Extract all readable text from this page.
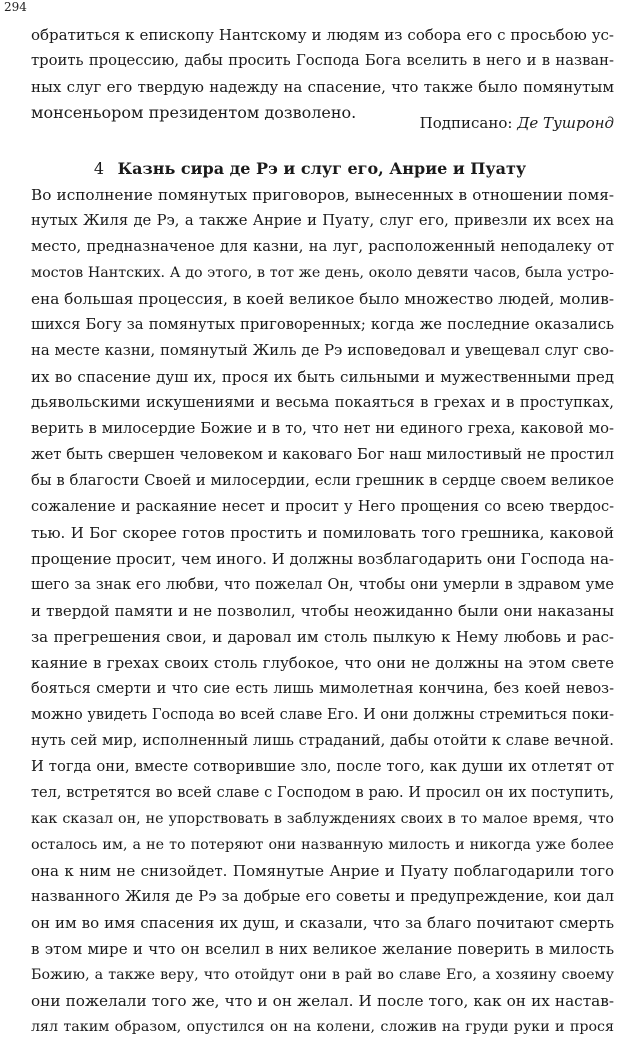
294
обратиться к епископу Нантскому и людям из собора его с просьбою ус-
троить процессию, дабы просить Господа Бога вселить в него и в назван-
ных слуг его твердую надежду на спасение, что также было помянутым
монсеньором президентом дозволено.
Подписано: Де Тушронд
4 Казнь сира де Рэ и слуг его, Анрие и Пуату
Во исполнение помянутых приговоров, вынесенных в отношении помя-
нутых Жиля де Рэ, а также Анрие и Пуату, слуг его, привезли их всех на
место, предназначеное для казни, на луг, расположенный неподалеку от
мостов Нантских. А до этого, в тот же день, около девяти часов, была устро-
ена большая процессия, в коей великое было множество людей, молив-
шихся Богу за помянутых приговоренных; когда же последние оказались
на месте казни, помянутый Жиль де Рэ исповедовал и увещевал слуг сво-
их во спасение душ их, прося их быть сильными и мужественными пред
дьявольскими искушениями и весьма покаяться в грехах и в проступках,
верить в милосердие Божие и в то, что нет ни единого греха, каковой мо-
жет быть свершен человеком и каковаго Бог наш милостивый не простил
бы в благости Своей и милосердии, если грешник в сердце своем великое
сожаление и раскаяние несет и просит у Него прощения со всею твердос-
тью. И Бог скорее готов простить и помиловать того грешника, каковой
прощение просит, чем иного. И должны возблагодарить они Господа на-
шего за знак его любви, что пожелал Он, чтобы они умерли в здравом уме
и твердой памяти и не позволил, чтобы неожиданно были они наказаны
за прегрешения свои, и даровал им столь пылкую к Нему любовь и рас-
каяние в грехах своих столь глубокое, что они не должны на этом свете
бояться смерти и что сие есть лишь мимолетная кончина, без коей невоз-
можно увидеть Господа во всей славе Его. И они должны стремиться поки-
нуть сей мир, исполненный лишь страданий, дабы отойти к славе вечной.
И тогда они, вместе сотворившие зло, после того, как души их отлетят от
тел, встретятся во всей славе с Господом в раю. И просил он их поступить,
как сказал он, не упорствовать в заблуждениях своих в то малое время, что
осталось им, а не то потеряют они названную милость и никогда уже более
она к ним не снизойдет. Помянутые Анрие и Пуату поблагодарили того
названного Жиля де Рэ за добрые его советы и предупреждение, кои дал
он им во имя спасения их душ, и сказали, что за благо почитают смерть
в этом мире и что он вселил в них великое желание поверить в милость
Божию, а также веру, что отойдут они в рай во славе Его, а хозяину своему
они пожелали того же, что и он желал. И после того, как он их настав-
лял таким образом, опустился он на колени, сложив на груди руки и прося
